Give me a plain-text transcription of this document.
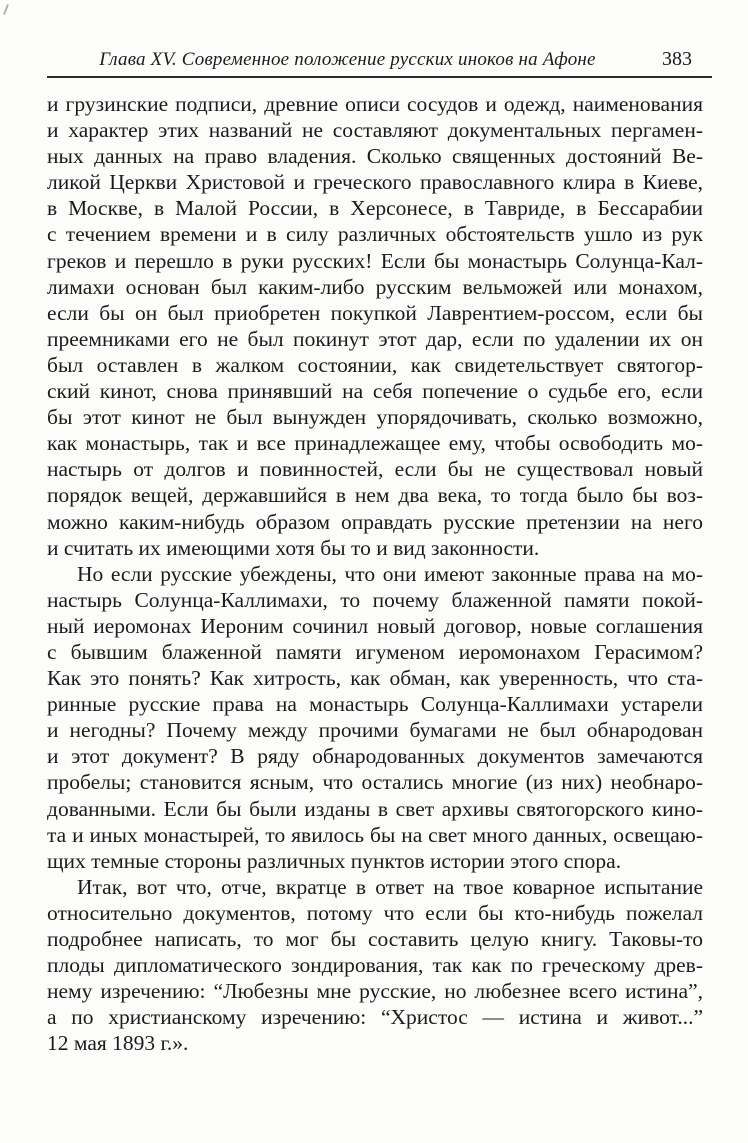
Глава XV. Современное положение русских иноков на Афоне	383
и грузинские подписи, древние описи сосудов и одежд, наименования
и характер этих названий не составляют документальных пергамен-
ных данных на право владения. Сколько священных достояний Ве-
ликой Церкви Христовой и греческого православного клира в Киеве,
в Москве, в Малой России, в Херсонесе, в Тавриде, в Бессарабии
с течением времени и в силу различных обстоятельств ушло из рук
греков и перешло в руки русских! Если бы монастырь Солунца-Кал-
лимахи основан был каким-либо русским вельможей или монахом,
если бы он был приобретен покупкой Лаврентием-россом, если бы
преемниками его не был покинут этот дар, если по удалении их он
был оставлен в жалком состоянии, как свидетельствует святогор-
ский кинот, снова принявший на себя попечение о судьбе его, если
бы этот кинот не был вынужден упорядочивать, сколько возможно,
как монастырь, так и все принадлежащее ему, чтобы освободить мо-
настырь от долгов и повинностей, если бы не существовал новый
порядок вещей, державшийся в нем два века, то тогда было бы воз-
можно каким-нибудь образом оправдать русские претензии на него
и считать их имеющими хотя бы то и вид законности.
Но если русские убеждены, что они имеют законные права на мо-
настырь Солунца-Каллимахи, то почему блаженной памяти покой-
ный иеромонах Иероним сочинил новый договор, новые соглашения
с бывшим блаженной памяти игуменом иеромонахом Герасимом?
Как это понять? Как хитрость, как обман, как уверенность, что ста-
ринные русские права на монастырь Солунца-Каллимахи устарели
и негодны? Почему между прочими бумагами не был обнародован
и этот документ? В ряду обнародованных документов замечаются
пробелы; становится ясным, что остались многие (из них) необнаро-
дованными. Если бы были изданы в свет архивы святогорского кино-
та и иных монастырей, то явилось бы на свет много данных, освещаю-
щих темные стороны различных пунктов истории этого спора.
Итак, вот что, отче, вкратце в ответ на твое коварное испытание
относительно документов, потому что если бы кто-нибудь пожелал
подробнее написать, то мог бы составить целую книгу. Таковы-то
плоды дипломатического зондирования, так как по греческому древ-
нему изречению: “Любезны мне русские, но любезнее всего истина”,
а по христианскому изречению: “Христос — истина и живот...”
12 мая 1893 г.».
